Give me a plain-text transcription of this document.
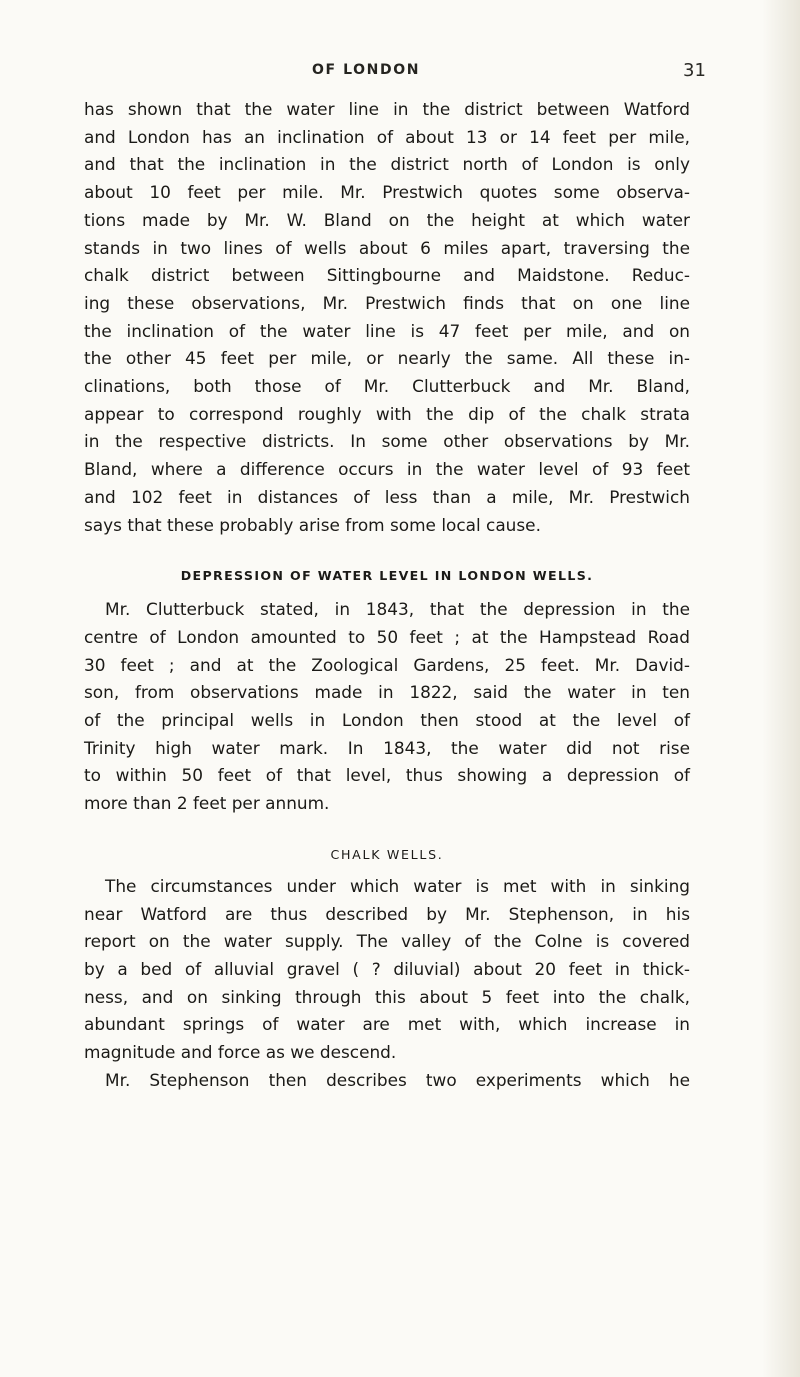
OF LONDON	31

has shown that the water line in the district between Watford

and London has an inclination of about 13 or 14 feet per mile,

and that the inclination in the district north of London is only

about 10 feet per mile. Mr. Prestwich quotes some observa-

tions made by Mr. W. Bland on the height at which water

stands in two lines of wells about 6 miles apart, traversing the

chalk district between Sittingbourne and Maidstone. Reduc-

ing these observations, Mr. Prestwich finds that on one line

the inclination of the water line is 47 feet per mile, and on

the other 45 feet per mile, or nearly the same. All these in-

clinations, both those of Mr. Clutterbuck and Mr. Bland,

appear to correspond roughly with the dip of the chalk strata

in the respective districts. In some other observations by Mr.

Bland, where a difference occurs in the water level of 93 feet

and 102 feet in distances of less than a mile, Mr. Prestwich

says that these probably arise from some local cause.

DEPRESSION OF WATER LEVEL IN LONDON WELLS.

Mr. Clutterbuck stated, in 1843, that the depression in the

centre of London amounted to 50 feet ; at the Hampstead Road

30 feet ; and at the Zoological Gardens, 25 feet. Mr. David-

son, from observations made in 1822, said the water in ten

of the principal wells in London then stood at the level of

Trinity high water mark. In 1843, the water did not rise

to within 50 feet of that level, thus showing a depression of

more than 2 feet per annum.

CHALK WELLS.

The circumstances under which water is met with in sinking

near Watford are thus described by Mr. Stephenson, in his

report on the water supply. The valley of the Colne is covered

by a bed of alluvial gravel ( ? diluvial) about 20 feet in thick-

ness, and on sinking through this about 5 feet into the chalk,

abundant springs of water are met with, which increase in

magnitude and force as we descend.

Mr. Stephenson then describes two experiments which he
